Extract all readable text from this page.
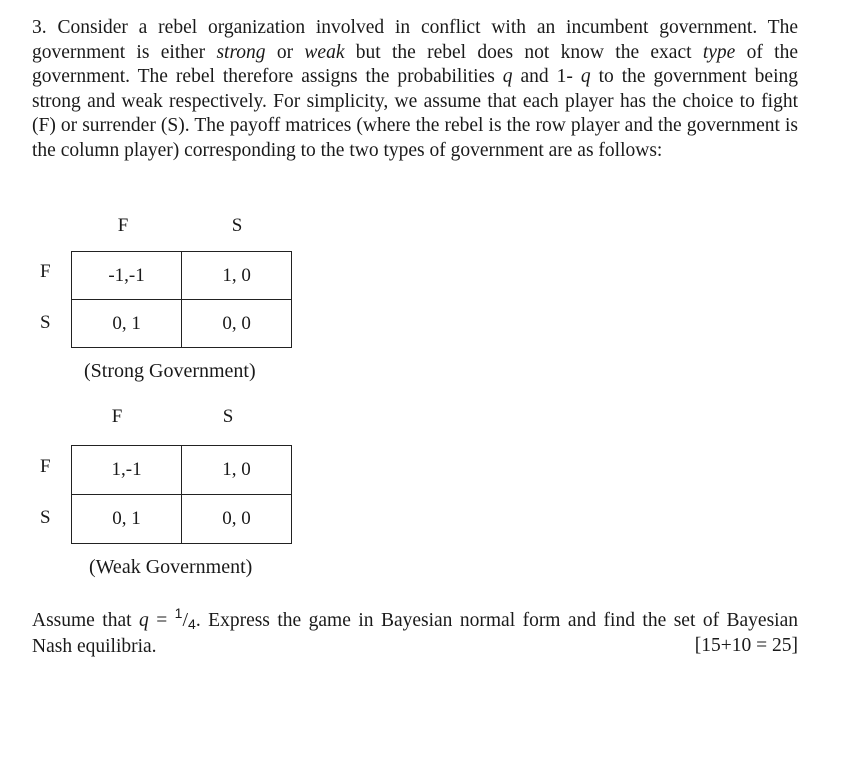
3. Consider a rebel organization involved in conflict with an incumbent government. The government is either strong or weak but the rebel does not know the exact type of the government. The rebel therefore assigns the probabilities q and 1- q to the government being strong and weak respectively. For simplicity, we assume that each player has the choice to fight (F) or surrender (S). The payoff matrices (where the rebel is the row player and the government is the column player) corresponding to the two types of government are as follows:

F	S
F
S
-1,-1	1, 0
0, 1	0, 0
(Strong Government)
F	S
F
S
1,-1	1, 0
0, 1	0, 0
(Weak Government)

Assume that q = $^1$/4. Express the game in Bayesian normal form and find the set of Bayesian Nash equilibria.	[15+10 = 25]
